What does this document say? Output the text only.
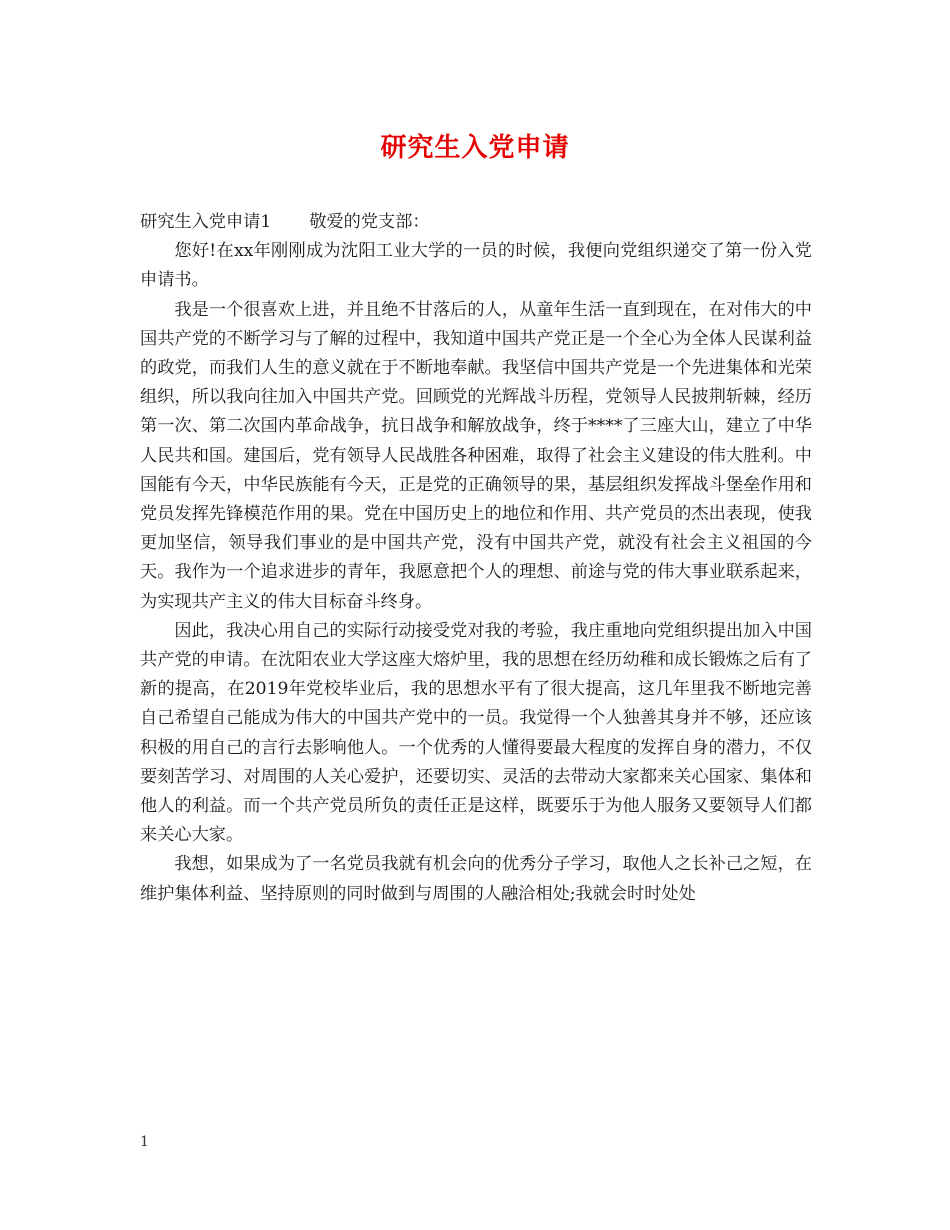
研究生入党申请

研究生入党申请1 敬爱的党支部：

您好!在xx年刚刚成为沈阳工业大学的一员的时候，我便向党组织递交了第一份入党申请书。

我是一个很喜欢上进，并且绝不甘落后的人，从童年生活一直到现在，在对伟大的中国共产党的不断学习与了解的过程中，我知道中国共产党正是一个全心为全体人民谋利益的政党，而我们人生的意义就在于不断地奉献。我坚信中国共产党是一个先进集体和光荣组织，所以我向往加入中国共产党。回顾党的光辉战斗历程，党领导人民披荆斩棘，经历第一次、第二次国内革命战争，抗日战争和解放战争，终于****了三座大山，建立了中华人民共和国。建国后，党有领导人民战胜各种困难，取得了社会主义建设的伟大胜利。中国能有今天，中华民族能有今天，正是党的正确领导的果，基层组织发挥战斗堡垒作用和党员发挥先锋模范作用的果。党在中国历史上的地位和作用、共产党员的杰出表现，使我更加坚信，领导我们事业的是中国共产党，没有中国共产党，就没有社会主义祖国的今天。我作为一个追求进步的青年，我愿意把个人的理想、前途与党的伟大事业联系起来，为实现共产主义的伟大目标奋斗终身。

因此，我决心用自己的实际行动接受党对我的考验，我庄重地向党组织提出加入中国共产党的申请。在沈阳农业大学这座大熔炉里，我的思想在经历幼稚和成长锻炼之后有了新的提高，在2019年党校毕业后，我的思想水平有了很大提高，这几年里我不断地完善自己希望自己能成为伟大的中国共产党中的一员。我觉得一个人独善其身并不够，还应该积极的用自己的言行去影响他人。一个优秀的人懂得要最大程度的发挥自身的潜力，不仅要刻苦学习、对周围的人关心爱护，还要切实、灵活的去带动大家都来关心国家、集体和他人的利益。而一个共产党员所负的责任正是这样，既要乐于为他人服务又要领导人们都来关心大家。

我想，如果成为了一名党员我就有机会向的优秀分子学习，取他人之长补己之短，在维护集体利益、坚持原则的同时做到与周围的人融洽相处;我就会时时处处

1
